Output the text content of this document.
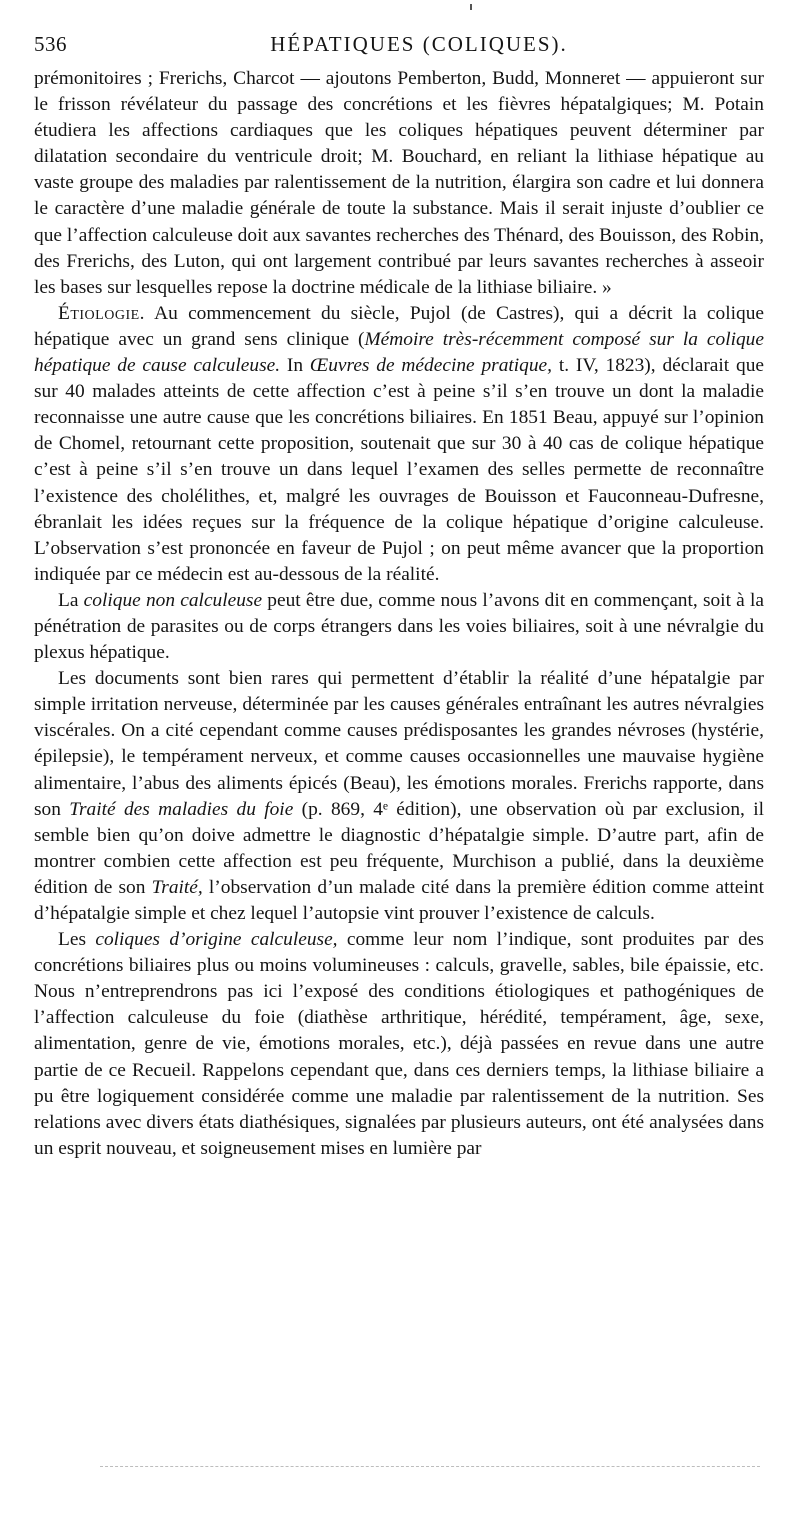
536	HÉPATIQUES (COLIQUES).

prémonitoires ; Frerichs, Charcot — ajoutons Pemberton, Budd, Monneret — appuieront sur le frisson révélateur du passage des concrétions et les fièvres hépatalgiques; M. Potain étudiera les affections cardiaques que les coliques hépatiques peuvent déterminer par dilatation secondaire du ventricule droit; M. Bouchard, en reliant la lithiase hépatique au vaste groupe des maladies par ralentissement de la nutrition, élargira son cadre et lui donnera le caractère d’une maladie générale de toute la substance. Mais il serait injuste d’oublier ce que l’affection calculeuse doit aux savantes recherches des Thénard, des Bouisson, des Robin, des Frerichs, des Luton, qui ont largement contribué par leurs savantes recherches à asseoir les bases sur lesquelles repose la doctrine médicale de la lithiase biliaire. »

Étiologie. Au commencement du siècle, Pujol (de Castres), qui a décrit la colique hépatique avec un grand sens clinique (Mémoire très-récemment composé sur la colique hépatique de cause calculeuse. In Œuvres de médecine pratique, t. IV, 1823), déclarait que sur 40 malades atteints de cette affection c’est à peine s’il s’en trouve un dont la maladie reconnaisse une autre cause que les concrétions biliaires. En 1851 Beau, appuyé sur l’opinion de Chomel, retournant cette proposition, soutenait que sur 30 à 40 cas de colique hépatique c’est à peine s’il s’en trouve un dans lequel l’examen des selles permette de reconnaître l’existence des cholélithes, et, malgré les ouvrages de Bouisson et Fauconneau-Dufresne, ébranlait les idées reçues sur la fréquence de la colique hépatique d’origine calculeuse. L’observation s’est prononcée en faveur de Pujol ; on peut même avancer que la proportion indiquée par ce médecin est au-dessous de la réalité.

La colique non calculeuse peut être due, comme nous l’avons dit en commençant, soit à la pénétration de parasites ou de corps étrangers dans les voies biliaires, soit à une névralgie du plexus hépatique.

Les documents sont bien rares qui permettent d’établir la réalité d’une hépatalgie par simple irritation nerveuse, déterminée par les causes générales entraînant les autres névralgies viscérales. On a cité cependant comme causes prédisposantes les grandes névroses (hystérie, épilepsie), le tempérament nerveux, et comme causes occasionnelles une mauvaise hygiène alimentaire, l’abus des aliments épicés (Beau), les émotions morales. Frerichs rapporte, dans son Traité des maladies du foie (p. 869, 4ᵉ édition), une observation où par exclusion, il semble bien qu’on doive admettre le diagnostic d’hépatalgie simple. D’autre part, afin de montrer combien cette affection est peu fréquente, Murchison a publié, dans la deuxième édition de son Traité, l’observation d’un malade cité dans la première édition comme atteint d’hépatalgie simple et chez lequel l’autopsie vint prouver l’existence de calculs.

Les coliques d’origine calculeuse, comme leur nom l’indique, sont produites par des concrétions biliaires plus ou moins volumineuses : calculs, gravelle, sables, bile épaissie, etc. Nous n’entreprendrons pas ici l’exposé des conditions étiologiques et pathogéniques de l’affection calculeuse du foie (diathèse arthritique, hérédité, tempérament, âge, sexe, alimentation, genre de vie, émotions morales, etc.), déjà passées en revue dans une autre partie de ce Recueil. Rappelons cependant que, dans ces derniers temps, la lithiase biliaire a pu être logiquement considérée comme une maladie par ralentissement de la nutrition. Ses relations avec divers états diathésiques, signalées par plusieurs auteurs, ont été analysées dans un esprit nouveau, et soigneusement mises en lumière par
